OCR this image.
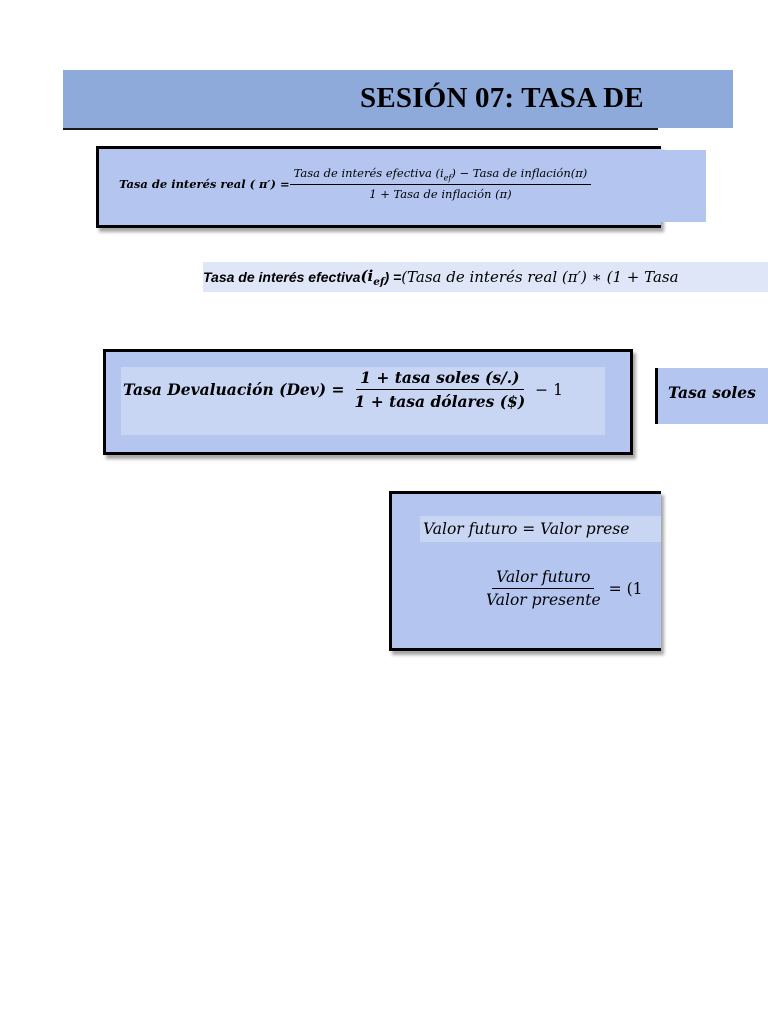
SESIÓN 07: TASA DE
Tasa de interés real ( $\pi') = \frac{Tasa de interés efectiva (i_{ef}) - Tasa de inflación(\pi)}{\text{1 + Tasa de inflación (π)}}$
Tasa de interés efectiva ($i_{ef}$ ) = (Tasa de interés real (π′) ∗ (1 + Tasa
Tasa Devaluación $(Dev) = \frac{\text{1 + tasa soles (s/.)}}{\text{1 + tasa dólares (\$)}} - 1$	Tasa soles
Valor futuro = Valor prese
$\frac{\text{Valor futuro}}{\text{Valor presente}} = (1$
